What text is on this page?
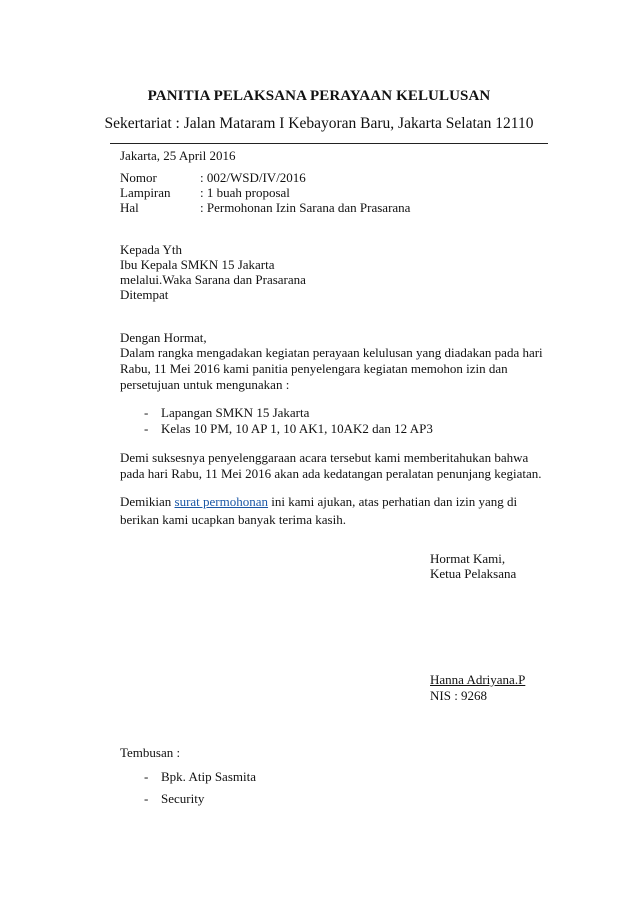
PANITIA PELAKSANA PERAYAAN KELULUSAN
Sekertariat : Jalan Mataram I Kebayoran Baru, Jakarta Selatan 12110
Jakarta, 25 April 2016
Nomor	: 002/WSD/IV/2016
Lampiran : 1 buah proposal
Hal	: Permohonan Izin Sarana dan Prasarana
Kepada Yth
Ibu Kepala SMKN 15 Jakarta
melalui.Waka Sarana dan Prasarana
Ditempat
Dengan Hormat,
Dalam rangka mengadakan kegiatan perayaan kelulusan yang diadakan pada hari
Rabu, 11 Mei 2016 kami panitia penyelengara kegiatan memohon izin dan
persetujuan untuk mengunakan :
- Lapangan SMKN 15 Jakarta
- Kelas 10 PM, 10 AP 1, 10 AK1, 10AK2 dan 12 AP3
Demi suksesnya penyelenggaraan acara tersebut kami memberitahukan bahwa
pada hari Rabu, 11 Mei 2016 akan ada kedatangan peralatan penunjang kegiatan.
Demikian surat permohonan ini kami ajukan, atas perhatian dan izin yang di
berikan kami ucapkan banyak terima kasih.
Hormat Kami,
Ketua Pelaksana
Hanna Adriyana.P
NIS : 9268
Tembusan :
- Bpk. Atip Sasmita
- Security
